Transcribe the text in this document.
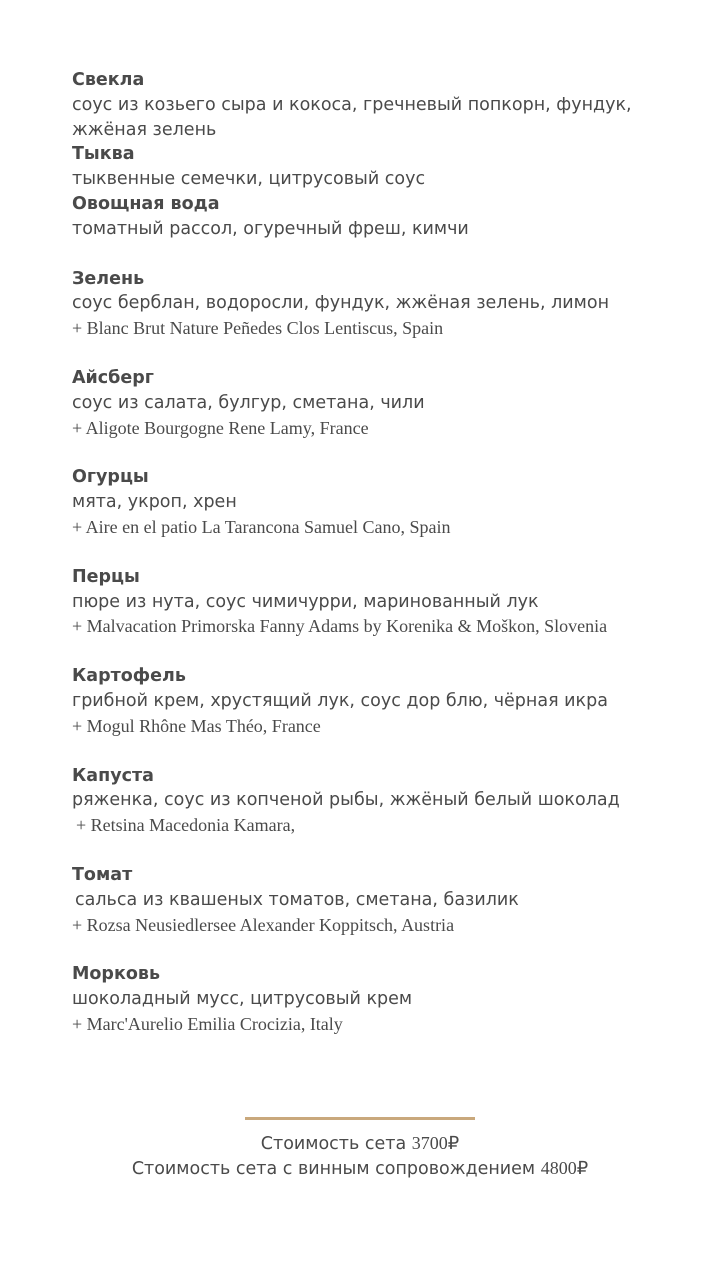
Свекла
соус из козьего сыра и кокоса, гречневый попкорн, фундук, жжёная зелень
Тыква
тыквенные семечки, цитрусовый соус
Овощная вода
томатный рассол, огуречный фреш, кимчи
Зелень
соус берблан, водоросли, фундук, жжёная зелень, лимон
+ Blanc Brut Nature Peñedes Clos Lentiscus, Spain
Айсберг
соус из салата, булгур, сметана, чили
+ Aligote Bourgogne Rene Lamy, France
Огурцы
мята, укроп, хрен
+ Aire en el patio La Tarancona Samuel Cano, Spain
Перцы
пюре из нута, соус чимичурри, маринованный лук
+ Malvacation Primorska Fanny Adams by Korenika & Moškon, Slovenia
Картофель
грибной крем, хрустящий лук, соус дор блю, чёрная икра
+ Mogul Rhône Mas Théo, France
Капуста
ряженка, соус из копченой рыбы, жжёный белый шоколад
+ Retsina Macedonia Kamara,
Томат
сальса из квашеных томатов, сметана, базилик
+ Rozsa Neusiedlersee Alexander Koppitsch, Austria
Морковь
шоколадный мусс, цитрусовый крем
+ Marc'Aurelio Emilia Crocizia, Italy
Стоимость сета 3700₽
Стоимость сета с винным сопровождением 4800₽
